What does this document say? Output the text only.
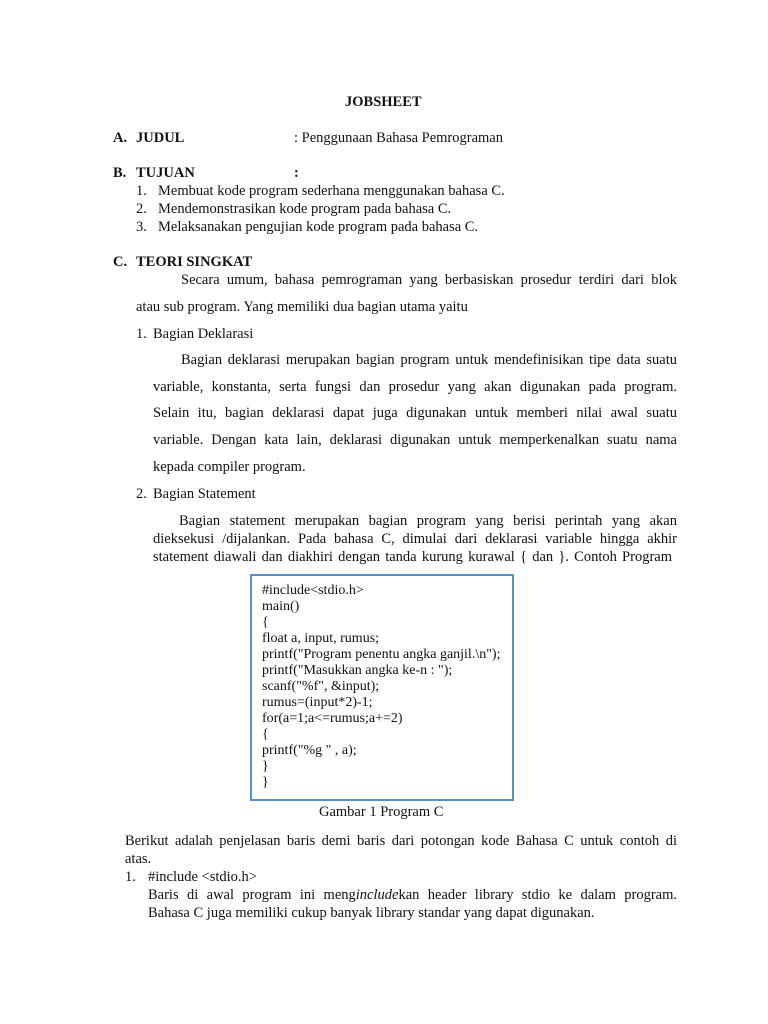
JOBSHEET
A. JUDUL	: Penggunaan Bahasa Pemrograman
B. TUJUAN	:
1. Membuat kode program sederhana menggunakan bahasa C.
2. Mendemonstrasikan kode program pada bahasa C.
3. Melaksanakan pengujian kode program pada bahasa C.
C. TEORI SINGKAT
Secara umum, bahasa pemrograman yang berbasiskan prosedur terdiri dari blok
atau sub program. Yang memiliki dua bagian utama yaitu
1. Bagian Deklarasi
Bagian deklarasi merupakan bagian program untuk mendefinisikan tipe data suatu
variable, konstanta, serta fungsi dan prosedur yang akan digunakan pada program.
Selain itu, bagian deklarasi dapat juga digunakan untuk memberi nilai awal suatu
variable. Dengan kata lain, deklarasi digunakan untuk memperkenalkan suatu nama
kepada compiler program.
2. Bagian Statement
Bagian statement merupakan bagian program yang berisi perintah yang akan
dieksekusi /dijalankan. Pada bahasa C, dimulai dari deklarasi variable hingga akhir
statement diawali dan diakhiri dengan tanda kurung kurawal { dan }. Contoh Program
#include<stdio.h>
main()
{
float a, input, rumus;
printf("Program penentu angka ganjil.\n");
printf("Masukkan angka ke-n : ");
scanf("%f", &input);
rumus=(input*2)-1;
for(a=1;a<=rumus;a+=2)
{
printf("%g " , a);
}
}
Gambar 1 Program C
Berikut adalah penjelasan baris demi baris dari potongan kode Bahasa C untuk contoh di
atas.
1. #include <stdio.h>
Baris di awal program ini mengincludekan header library stdio ke dalam program.
Bahasa C juga memiliki cukup banyak library standar yang dapat digunakan.
